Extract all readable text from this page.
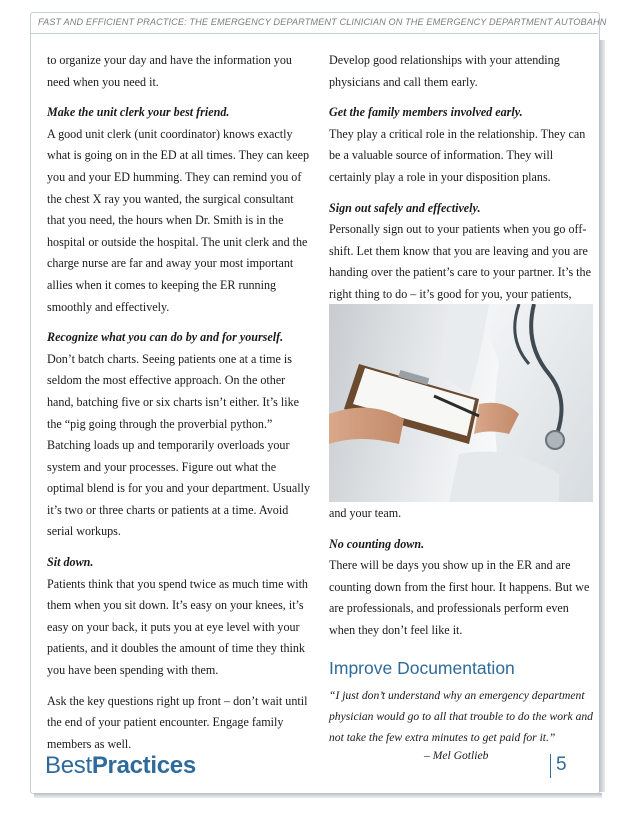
FAST AND EFFICIENT PRACTICE: THE EMERGENCY DEPARTMENT CLINICIAN ON THE EMERGENCY DEPARTMENT AUTOBAHN

to organize your day and have the information you need when you need it.

Make the unit clerk your best friend.

A good unit clerk (unit coordinator) knows exactly what is going on in the ED at all times. They can keep you and your ED humming. They can remind you of the chest X ray you wanted, the surgical consultant that you need, the hours when Dr. Smith is in the hospital or outside the hospital. The unit clerk and the charge nurse are far and away your most important allies when it comes to keeping the ER running smoothly and effectively.

Recognize what you can do by and for yourself.

Don’t batch charts. Seeing patients one at a time is seldom the most effective approach. On the other hand, batching five or six charts isn’t either. It’s like the “pig going through the proverbial python.” Batching loads up and temporarily overloads your system and your processes. Figure out what the optimal blend is for you and your department. Usually it’s two or three charts or patients at a time. Avoid serial workups.

Sit down.

Patients think that you spend twice as much time with them when you sit down. It’s easy on your knees, it’s easy on your back, it puts you at eye level with your patients, and it doubles the amount of time they think you have been spending with them.

Ask the key questions right up front – don’t wait until the end of your patient encounter. Engage family members as well.

Develop good relationships with your attending physicians and call them early.

Get the family members involved early.

They play a critical role in the relationship. They can be a valuable source of information. They will certainly play a role in your disposition plans.

Sign out safely and effectively.

Personally sign out to your patients when you go off-shift. Let them know that you are leaving and you are handing over the patient’s care to your partner. It’s the right thing to do – it’s good for you, your patients,

and your team.

No counting down.

There will be days you show up in the ER and are counting down from the first hour. It happens. But we are professionals, and professionals perform even when they don’t feel like it.

Improve Documentation

“I just don’t understand why an emergency department physician would go to all that trouble to do the work and not take the few extra minutes to get paid for it.”

– Mel Gotlieb

BestPractices	5
